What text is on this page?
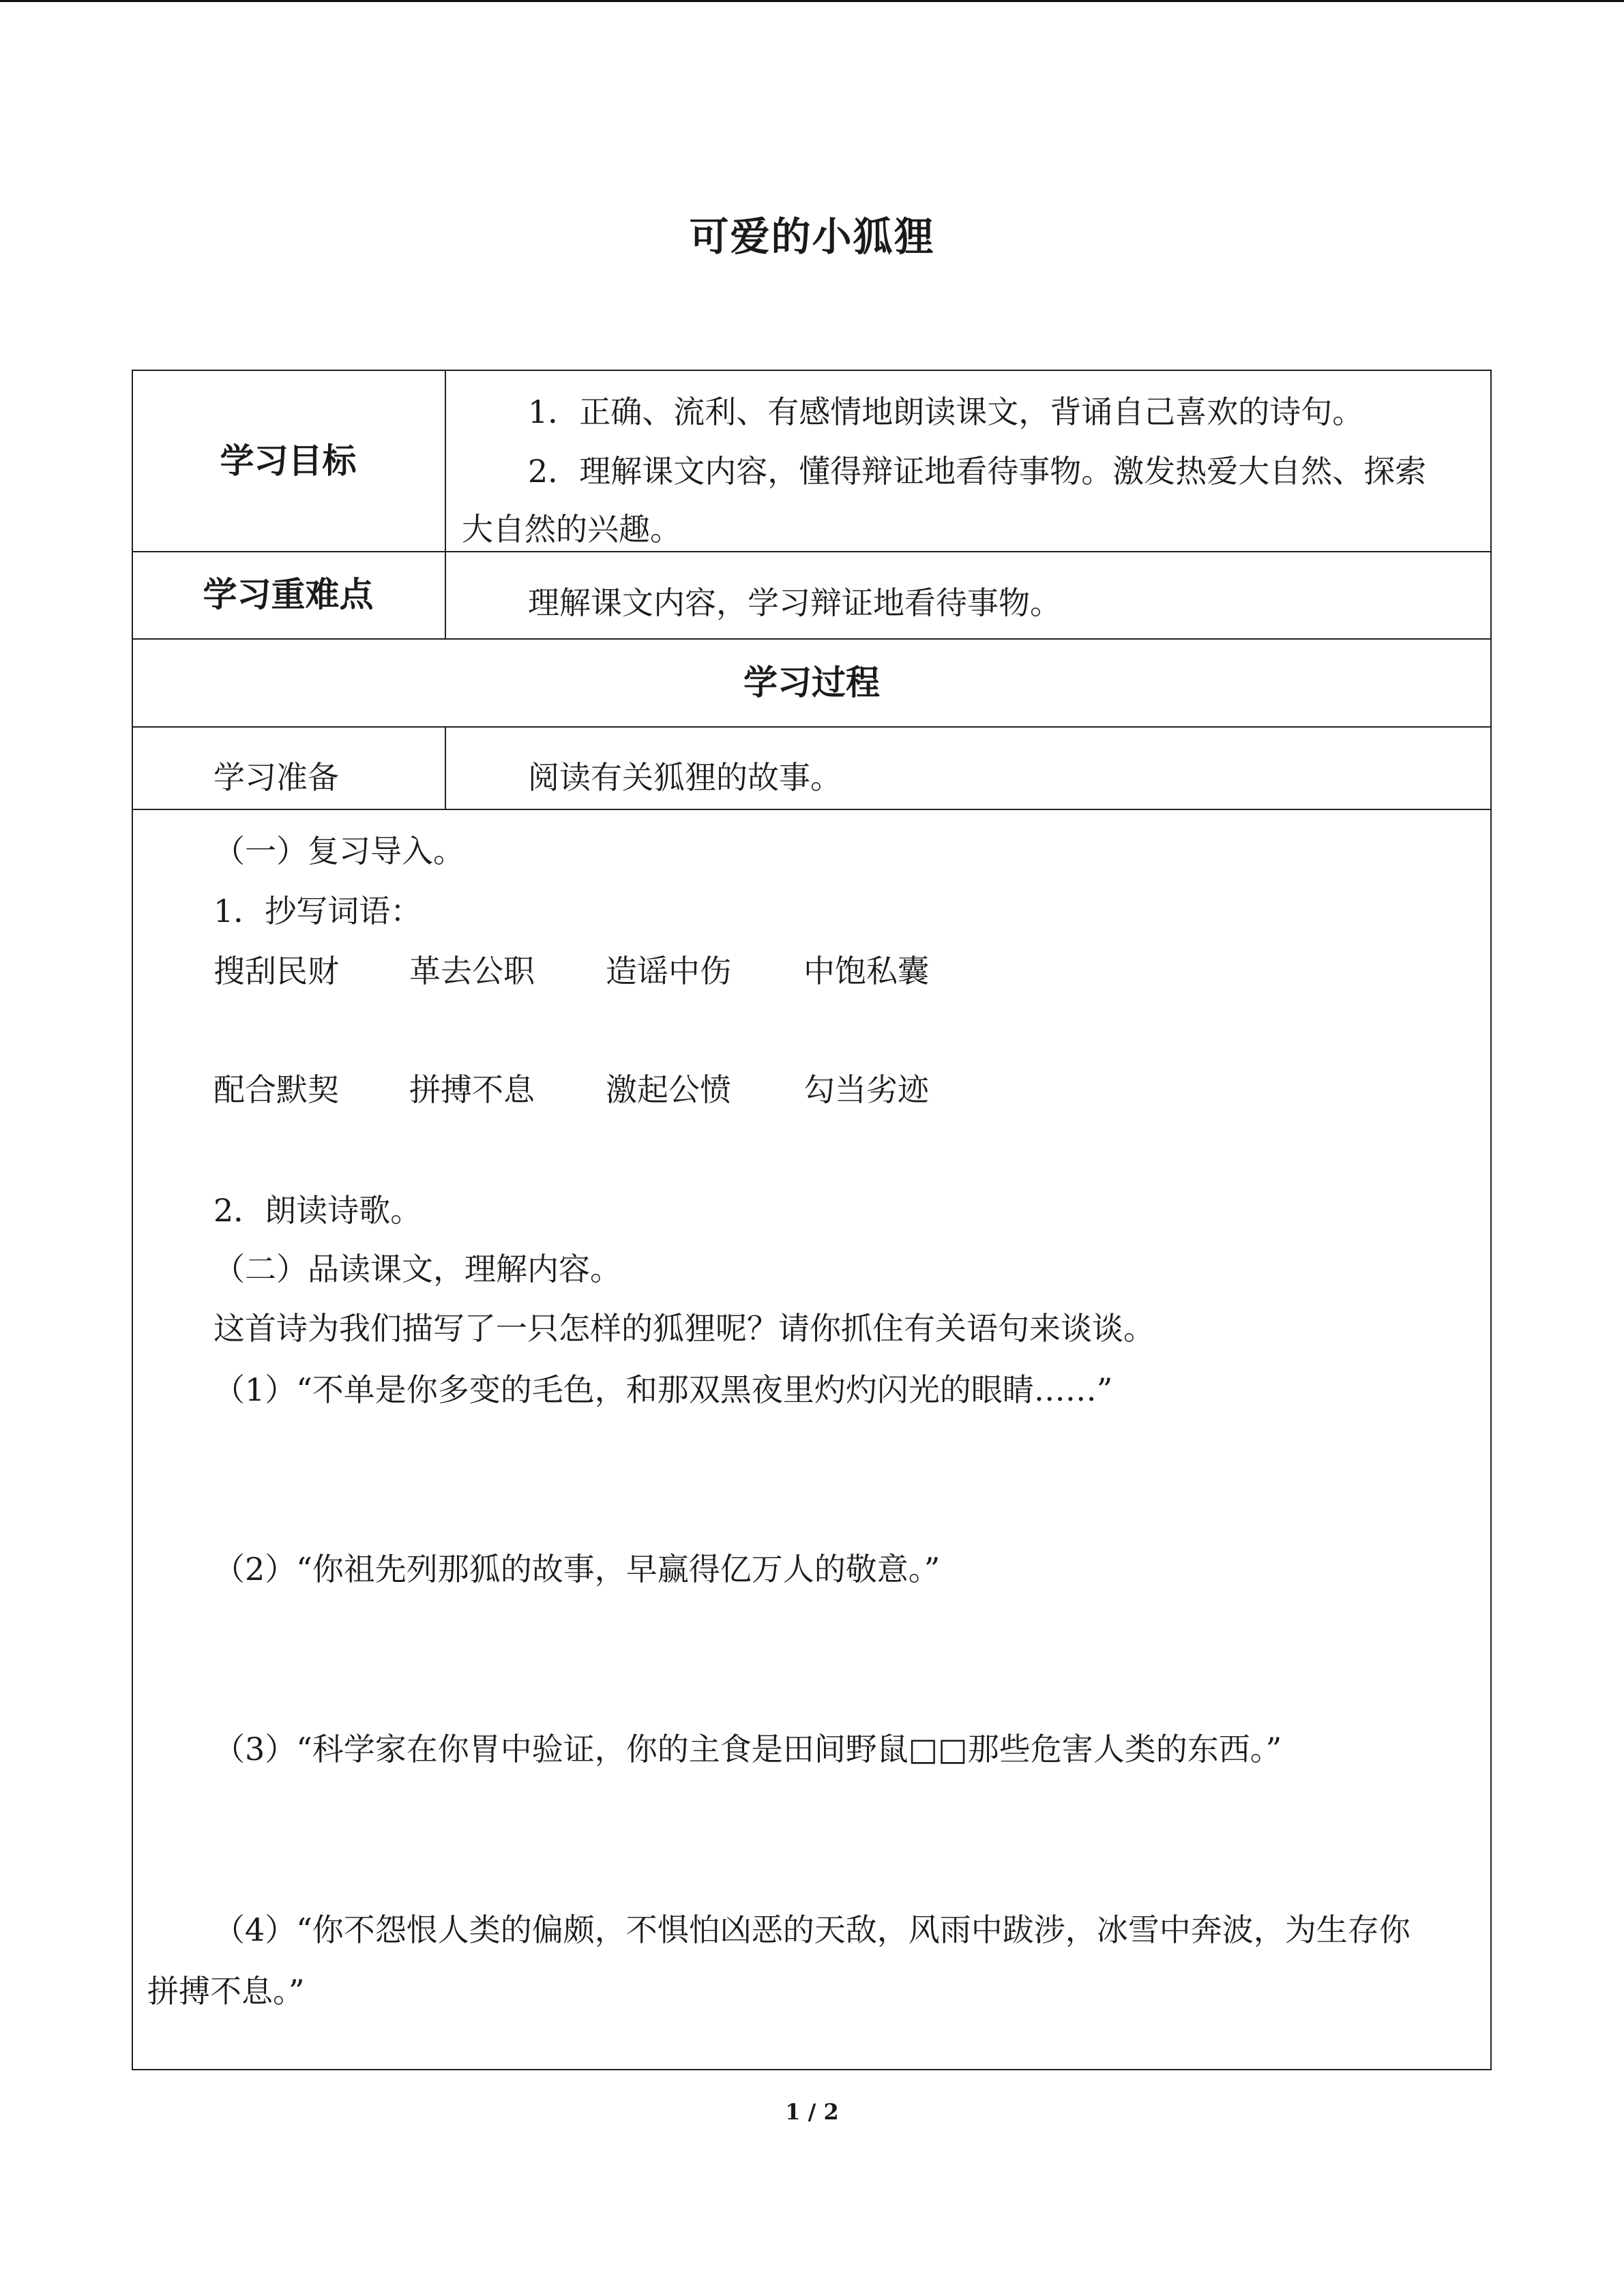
可爱的小狐狸
学习目标
1．正确、流利、有感情地朗读课文，背诵自己喜欢的诗句。
2．理解课文内容，懂得辩证地看待事物。激发热爱大自然、探索
大自然的兴趣。
学习重难点	理解课文内容，学习辩证地看待事物。
学习过程
学习准备	阅读有关狐狸的故事。
（一）复习导入。
1．抄写词语：
搜刮民财 革去公职 造谣中伤 中饱私囊
配合默契 拼搏不息 激起公愤 勾当劣迹
2．朗读诗歌。
（二）品读课文，理解内容。
这首诗为我们描写了一只怎样的狐狸呢？请你抓住有关语句来谈谈。
（1）“不单是你多变的毛色，和那双黑夜里灼灼闪光的眼睛……”
（2）“你祖先列那狐的故事，早赢得亿万人的敬意。”
（3）“科学家在你胃中验证，你的主食是田间野鼠□□那些危害人类的东西。”
（4）“你不怨恨人类的偏颇，不惧怕凶恶的天敌，风雨中跋涉，冰雪中奔波，为生存你
拼搏不息。”
1 / 2
